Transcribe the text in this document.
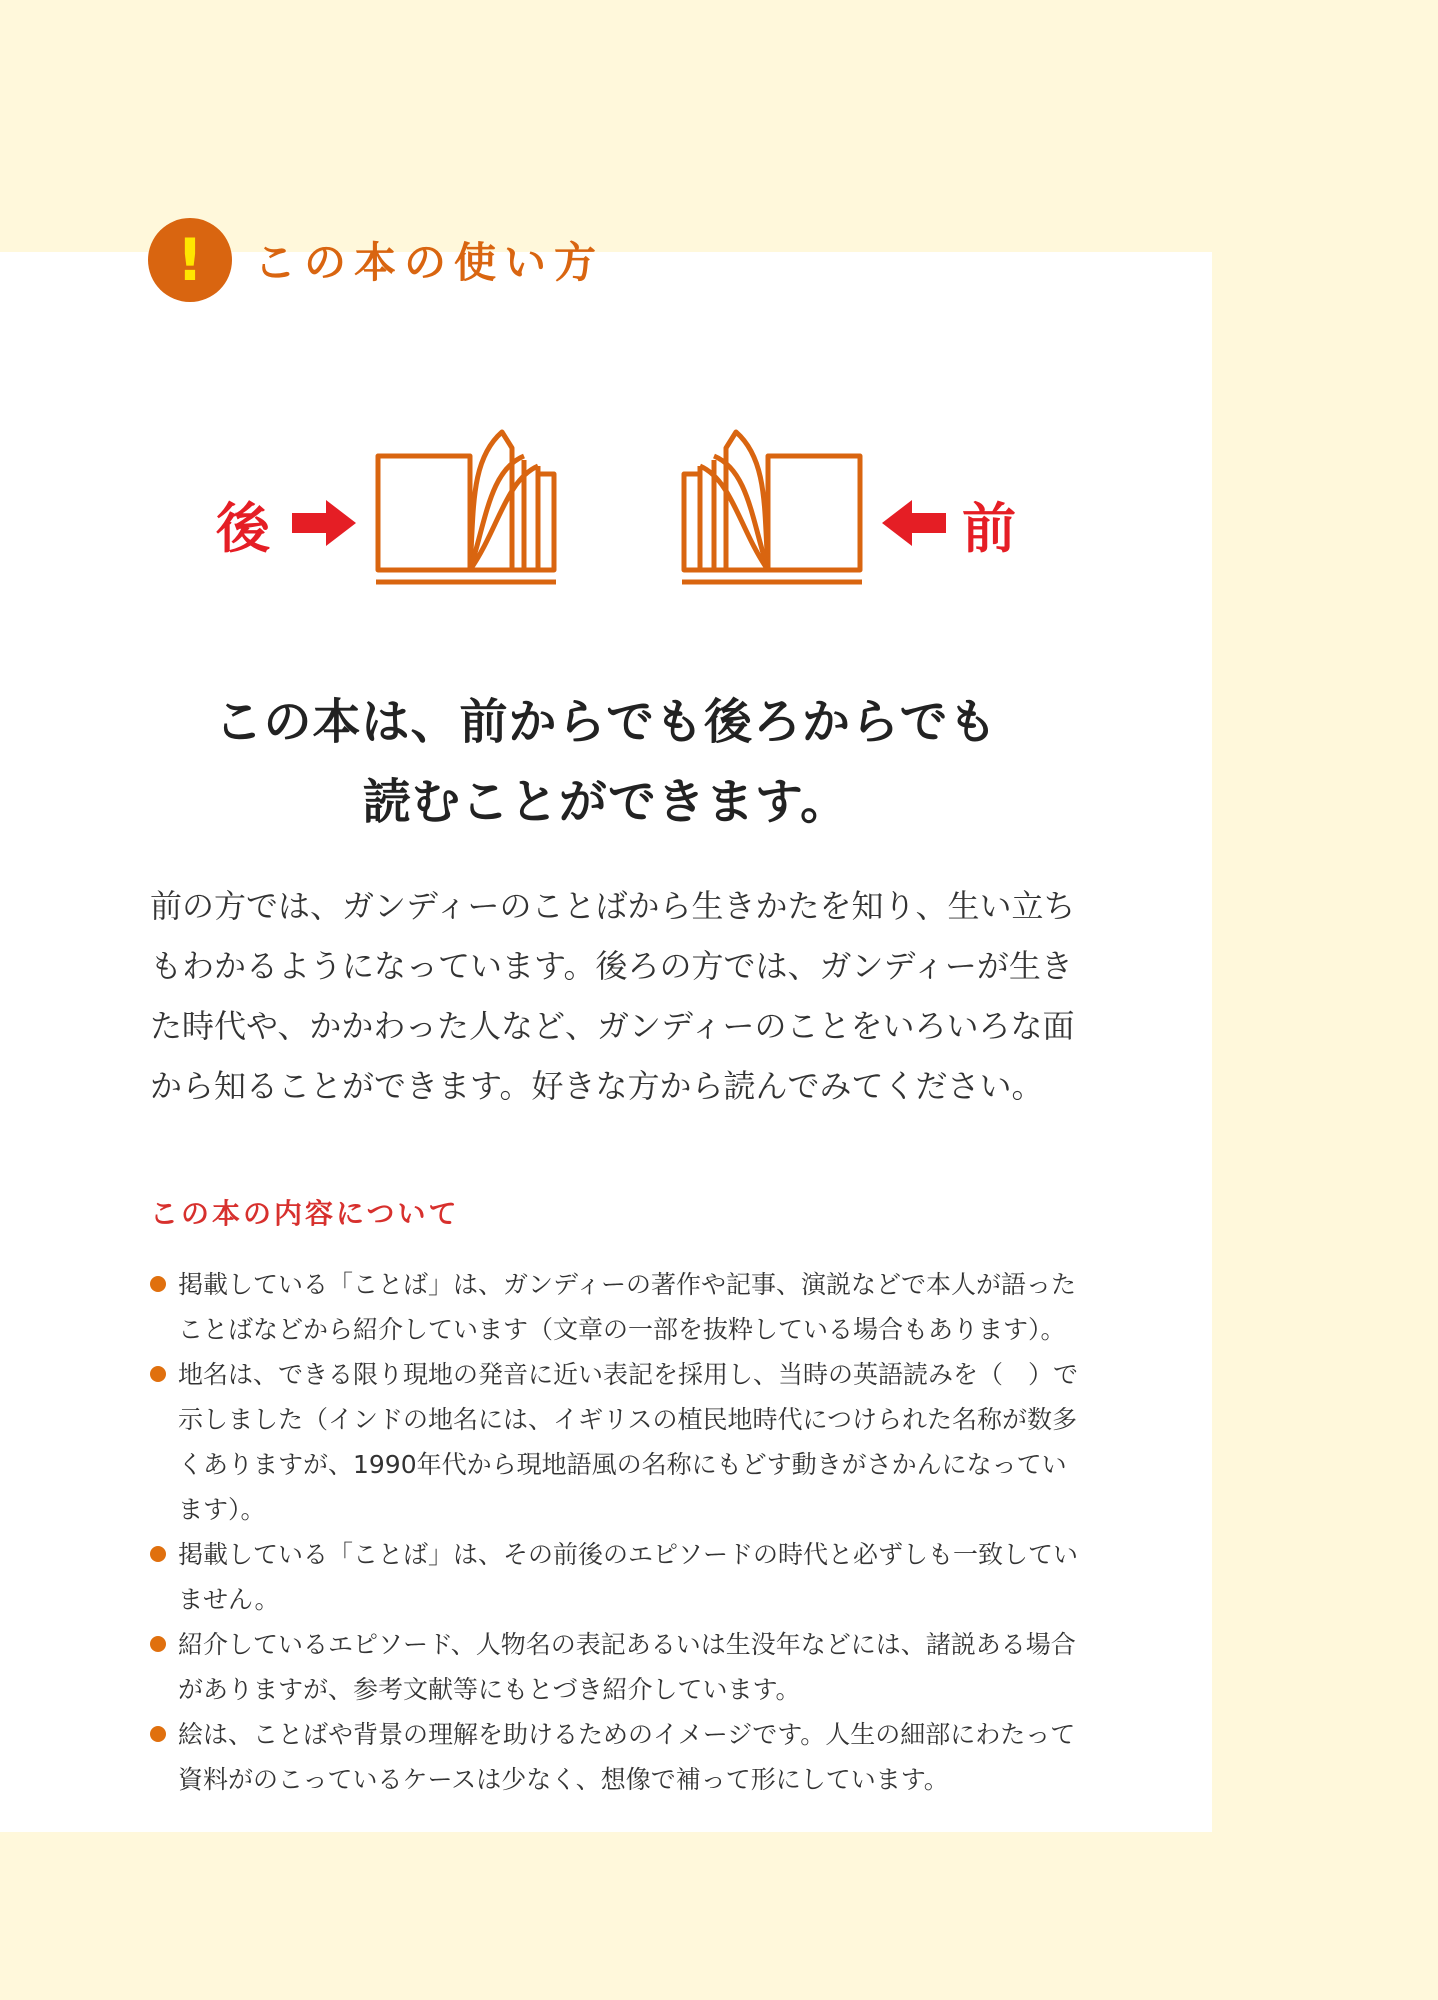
!	この本の使い方
後	前
この本は、前からでも後ろからでも
読むことができます。
前の方では、ガンディーのことばから生きかたを知り、生い立ちもわかるようになっています。後ろの方では、ガンディーが生きた時代や、かかわった人など、ガンディーのことをいろいろな面から知ることができます。好きな方から読んでみてください。
この本の内容について
掲載している「ことば」は、ガンディーの著作や記事、演説などで本人が語ったことばなどから紹介しています（文章の一部を抜粋している場合もあります）。
地名は、できる限り現地の発音に近い表記を採用し、当時の英語読みを（　）で示しました（インドの地名には、イギリスの植民地時代につけられた名称が数多くありますが、1990年代から現地語風の名称にもどす動きがさかんになっています）。
掲載している「ことば」は、その前後のエピソードの時代と必ずしも一致していません。
紹介しているエピソード、人物名の表記あるいは生没年などには、諸説ある場合がありますが、参考文献等にもとづき紹介しています。
絵は、ことばや背景の理解を助けるためのイメージです。人生の細部にわたって資料がのこっているケースは少なく、想像で補って形にしています。
